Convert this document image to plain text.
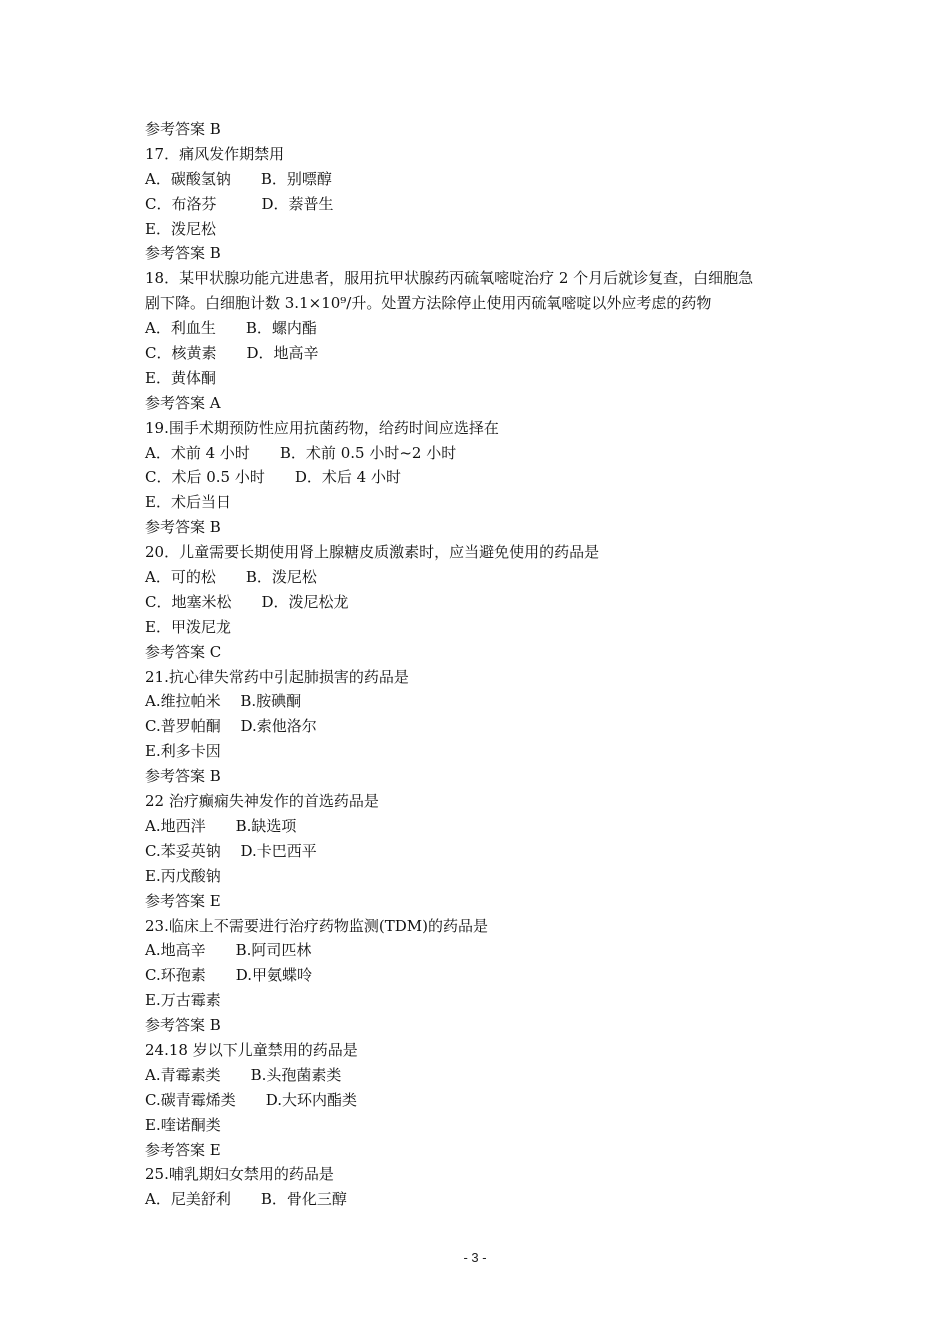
参考答案 B
17．痛风发作期禁用
A．碳酸氢钠　　B．别嘌醇
C．布洛芬　　　D．萘普生
E．泼尼松
参考答案 B
18．某甲状腺功能亢进患者，服用抗甲状腺药丙硫氧嘧啶治疗 2 个月后就诊复查，白细胞急
剧下降。白细胞计数 3.1×10⁹/升。处置方法除停止使用丙硫氧嘧啶以外应考虑的药物
A．利血生　　B．螺内酯
C．核黄素　　D．地高辛
E．黄体酮
参考答案 A
19.围手术期预防性应用抗菌药物，给药时间应选择在
A．术前 4 小时　　B．术前 0.5 小时~2 小时
C．术后 0.5 小时　　D．术后 4 小时
E．术后当日
参考答案 B
20．儿童需要长期使用肾上腺糖皮质激素时，应当避免使用的药品是
A．可的松　　B．泼尼松
C．地塞米松　　D．泼尼松龙
E．甲泼尼龙
参考答案 C
21.抗心律失常药中引起肺损害的药品是
A.维拉帕米　 B.胺碘酮
C.普罗帕酮　 D.索他洛尔
E.利多卡因
参考答案 B
22 治疗癫痫失神发作的首选药品是
A.地西泮　　B.缺选项
C.苯妥英钠　 D.卡巴西平
E.丙戊酸钠
参考答案 E
23.临床上不需要进行治疗药物监测(TDM)的药品是
A.地高辛　　B.阿司匹林
C.环孢素　　D.甲氨蝶呤
E.万古霉素
参考答案 B
24.18 岁以下儿童禁用的药品是
A.青霉素类　　B.头孢菌素类
C.碳青霉烯类　　D.大环内酯类
E.喹诺酮类
参考答案 E
25.哺乳期妇女禁用的药品是
A．尼美舒利　　B．骨化三醇
- 3 -
